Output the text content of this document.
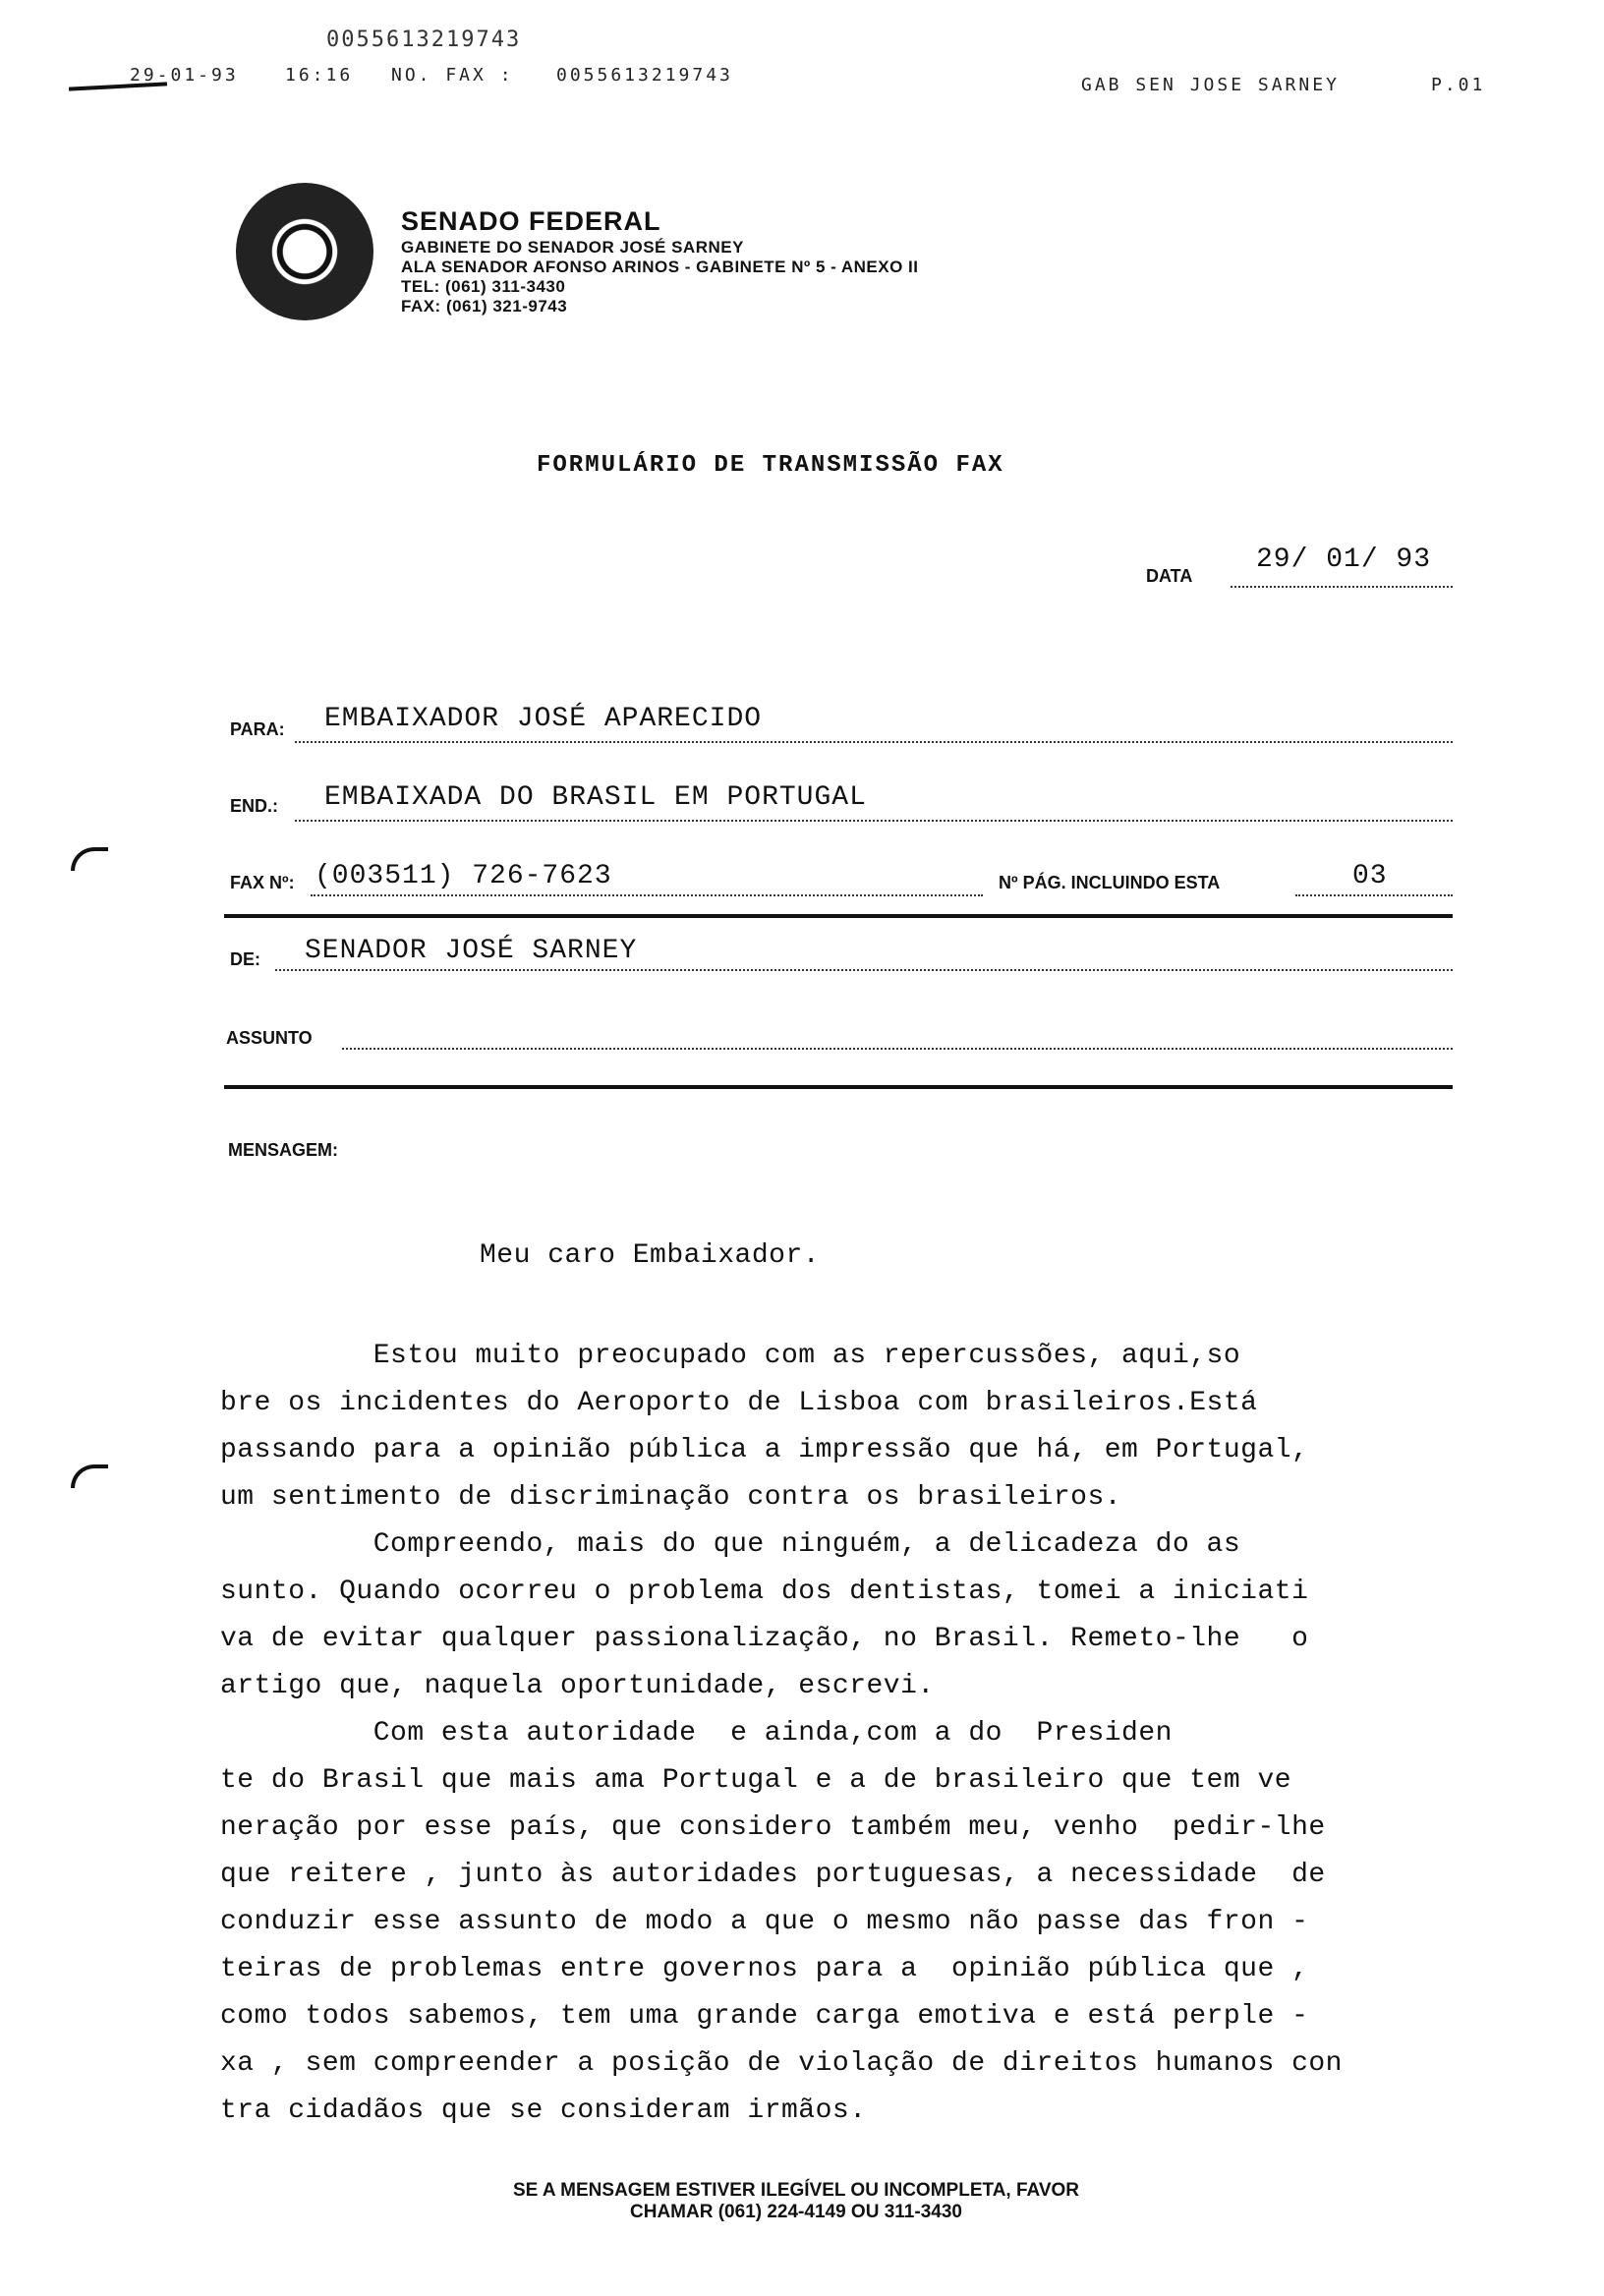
0055613219743
29-01-93	16:16 NO. FAX : 0055613219743	GAB SEN JOSE SARNEY	P.01
★
SENADO FEDERAL
GABINETE DO SENADOR JOSÉ SARNEY
ALA SENADOR AFONSO ARINOS - GABINETE Nº 5 - ANEXO II
TEL: (061) 311-3430
FAX: (061) 321-9743
FORMULÁRIO DE TRANSMISSÃO FAX
DATA
29/ 01/ 93
PARA: EMBAIXADOR JOSÉ APARECIDO
END.: EMBAIXADA DO BRASIL EM PORTUGAL
FAX Nº: (003511) 726-7623	Nº PÁG. INCLUINDO ESTA	03
DE: SENADOR JOSÉ SARNEY
ASSUNTO
MENSAGEM:
Meu caro Embaixador.
Estou muito preocupado com as repercussões, aqui,so
bre os incidentes do Aeroporto de Lisboa com brasileiros.Está
passando para a opinião pública a impressão que há, em Portugal,
um sentimento de discriminação contra os brasileiros.
Compreendo, mais do que ninguém, a delicadeza do as
sunto. Quando ocorreu o problema dos dentistas, tomei a iniciati
va de evitar qualquer passionalização, no Brasil. Remeto-lhe   o
artigo que, naquela oportunidade, escrevi.
Com esta autoridade  e ainda,com a do  Presiden
te do Brasil que mais ama Portugal e a de brasileiro que tem ve
neração por esse país, que considero também meu, venho  pedir-lhe
que reitere , junto às autoridades portuguesas, a necessidade  de
conduzir esse assunto de modo a que o mesmo não passe das fron -
teiras de problemas entre governos para a  opinião pública que ,
como todos sabemos, tem uma grande carga emotiva e está perple -
xa , sem compreender a posição de violação de direitos humanos con
tra cidadãos que se consideram irmãos.
SE A MENSAGEM ESTIVER ILEGÍVEL OU INCOMPLETA, FAVOR
CHAMAR (061) 224-4149 OU 311-3430
